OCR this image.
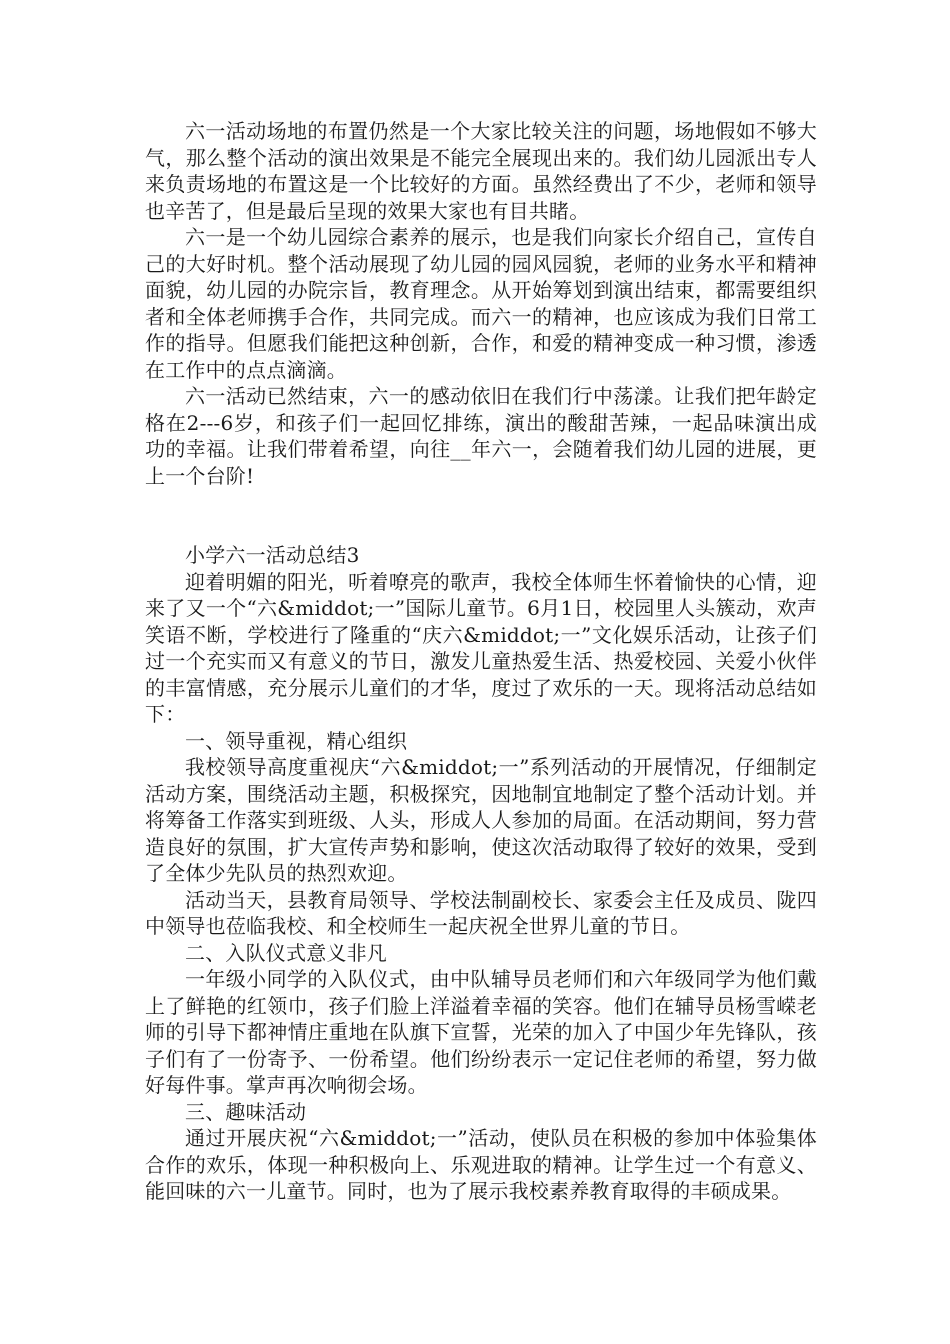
六一活动场地的布置仍然是一个大家比较关注的问题，场地假如不够大气，那么整个活动的演出效果是不能完全展现出来的。我们幼儿园派出专人来负责场地的布置这是一个比较好的方面。虽然经费出了不少，老师和领导也辛苦了，但是最后呈现的效果大家也有目共睹。

六一是一个幼儿园综合素养的展示，也是我们向家长介绍自己，宣传自己的大好时机。整个活动展现了幼儿园的园风园貌，老师的业务水平和精神面貌，幼儿园的办院宗旨，教育理念。从开始筹划到演出结束，都需要组织者和全体老师携手合作，共同完成。而六一的精神，也应该成为我们日常工作的指导。但愿我们能把这种创新，合作，和爱的精神变成一种习惯，渗透在工作中的点点滴滴。

六一活动已然结束，六一的感动依旧在我们行中荡漾。让我们把年龄定格在2---6岁，和孩子们一起回忆排练，演出的酸甜苦辣，一起品味演出成功的幸福。让我们带着希望，向往__年六一，会随着我们幼儿园的进展，更上一个台阶!

小学六一活动总结3

迎着明媚的阳光，听着嘹亮的歌声，我校全体师生怀着愉快的心情，迎来了又一个“六&middot;一”国际儿童节。6月1日，校园里人头簇动，欢声笑语不断，学校进行了隆重的“庆六&middot;一”文化娱乐活动，让孩子们过一个充实而又有意义的节日，激发儿童热爱生活、热爱校园、关爱小伙伴的丰富情感，充分展示儿童们的才华，度过了欢乐的一天。现将活动总结如下：

一、领导重视，精心组织

我校领导高度重视庆“六&middot;一”系列活动的开展情况，仔细制定活动方案，围绕活动主题，积极探究，因地制宜地制定了整个活动计划。并将筹备工作落实到班级、人头，形成人人参加的局面。在活动期间，努力营造良好的氛围，扩大宣传声势和影响，使这次活动取得了较好的效果，受到了全体少先队员的热烈欢迎。

活动当天，县教育局领导、学校法制副校长、家委会主任及成员、陇四中领导也莅临我校、和全校师生一起庆祝全世界儿童的节日。

二、入队仪式意义非凡

一年级小同学的入队仪式，由中队辅导员老师们和六年级同学为他们戴上了鲜艳的红领巾，孩子们脸上洋溢着幸福的笑容。他们在辅导员杨雪嵘老师的引导下都神情庄重地在队旗下宣誓，光荣的加入了中国少年先锋队，孩子们有了一份寄予、一份希望。他们纷纷表示一定记住老师的希望，努力做好每件事。掌声再次响彻会场。

三、趣味活动

通过开展庆祝“六&middot;一”活动，使队员在积极的参加中体验集体合作的欢乐，体现一种积极向上、乐观进取的精神。让学生过一个有意义、能回味的六一儿童节。同时，也为了展示我校素养教育取得的丰硕成果。
